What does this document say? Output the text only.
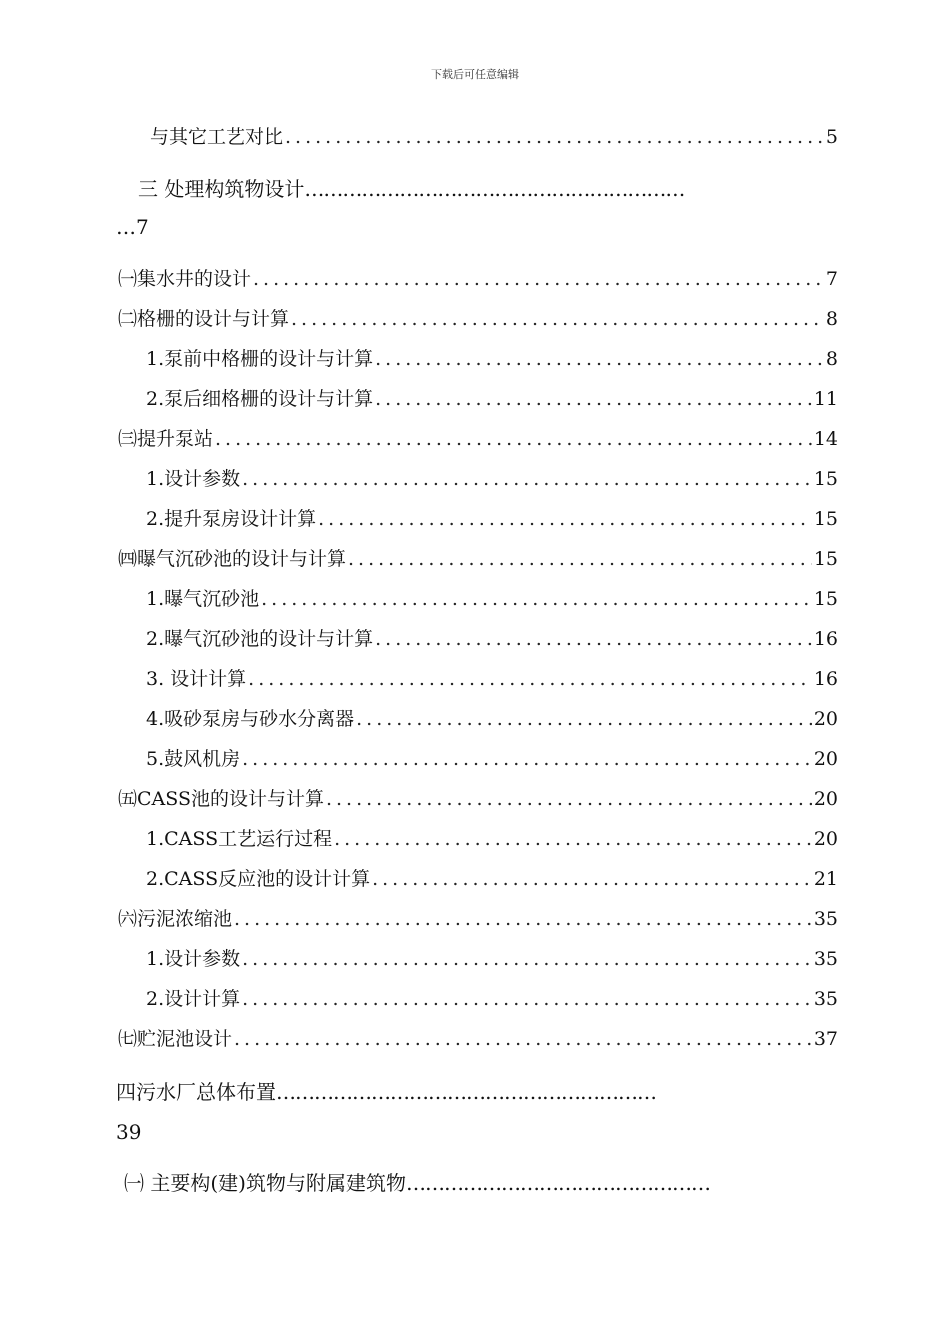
下载后可任意编辑
与其它工艺对比 .....	5
三 处理构筑物设计……………………………………………………
…7
㈠集水井的设计 .....	7
㈡格栅的设计与计算 .....	8
1.泵前中格栅的设计与计算 .....	8
2.泵后细格栅的设计与计算 .....	11
㈢提升泵站 .....	14
1.设计参数 .....	15
2.提升泵房设计计算 .....	15
㈣曝气沉砂池的设计与计算 .....	15
1.曝气沉砂池 .....	15
2.曝气沉砂池的设计与计算 .....	16
3. 设计计算 .....	16
4.吸砂泵房与砂水分离器 .....	20
5.鼓风机房 .....	20
㈤CASS池的设计与计算 .....	20
1.CASS工艺运行过程 .....	20
2.CASS反应池的设计计算 .....	21
㈥污泥浓缩池 .....	35
1.设计参数 .....	35
2.设计计算 .....	35
㈦贮泥池设计 .....	37
四污水厂总体布置……………………………………………………
39
㈠ 主要构(建)筑物与附属建筑物…………………………………………
